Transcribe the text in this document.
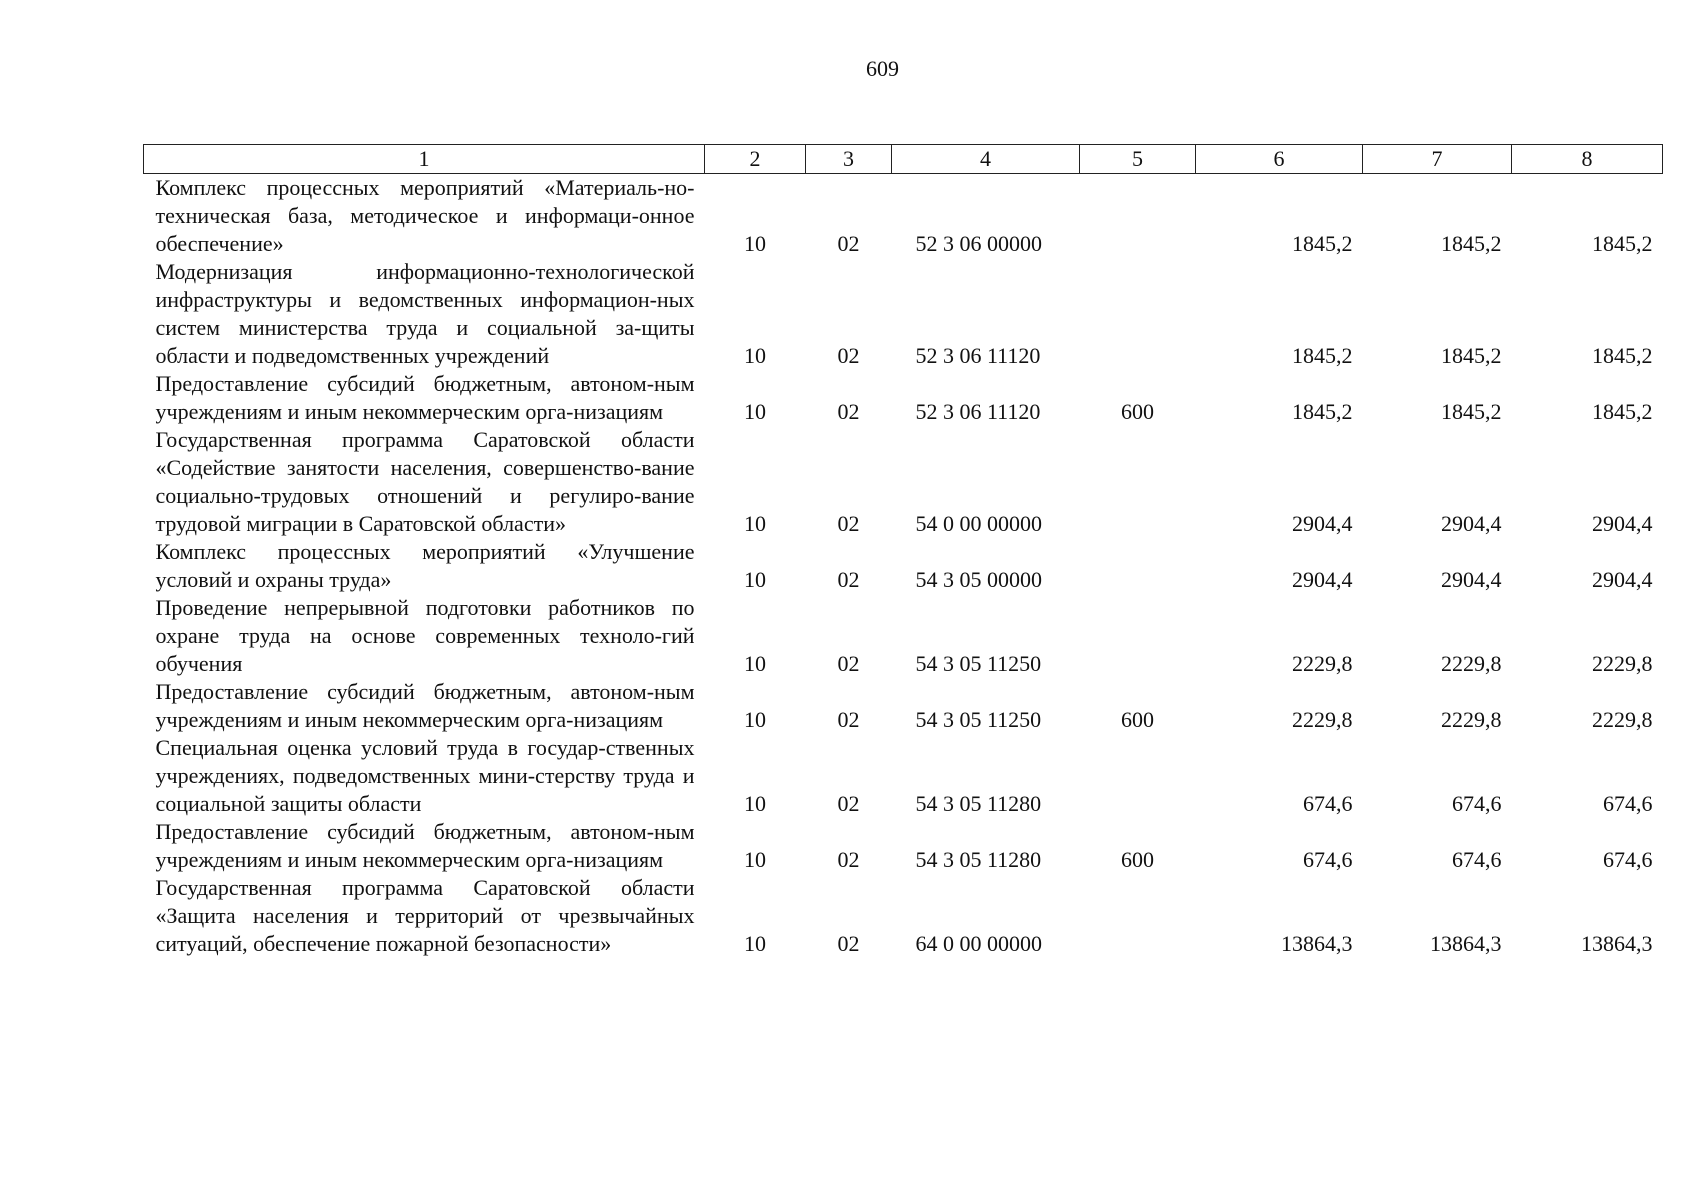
609
1	2	3	4	5	6	7	8
Комплекс процессных мероприятий «Материаль-но-техническая база, методическое и информаци-онное обеспечение»	10	02	52 3 06 00000		1845,2	1845,2	1845,2
Модернизация информационно-технологической инфраструктуры и ведомственных информацион-ных систем министерства труда и социальной за-щиты области и подведомственных учреждений	10	02	52 3 06 11120		1845,2	1845,2	1845,2
Предоставление субсидий бюджетным, автоном-ным учреждениям и иным некоммерческим орга-низациям	10	02	52 3 06 11120	600	1845,2	1845,2	1845,2
Государственная программа Саратовской области «Содействие занятости населения, совершенство-вание социально-трудовых отношений и регулиро-вание трудовой миграции в Саратовской области»	10	02	54 0 00 00000		2904,4	2904,4	2904,4
Комплекс процессных мероприятий «Улучшение условий и охраны труда»	10	02	54 3 05 00000		2904,4	2904,4	2904,4
Проведение непрерывной подготовки работников по охране труда на основе современных техноло-гий обучения	10	02	54 3 05 11250		2229,8	2229,8	2229,8
Предоставление субсидий бюджетным, автоном-ным учреждениям и иным некоммерческим орга-низациям	10	02	54 3 05 11250	600	2229,8	2229,8	2229,8
Специальная оценка условий труда в государ-ственных учреждениях, подведомственных мини-стерству труда и социальной защиты области	10	02	54 3 05 11280		674,6	674,6	674,6
Предоставление субсидий бюджетным, автоном-ным учреждениям и иным некоммерческим орга-низациям	10	02	54 3 05 11280	600	674,6	674,6	674,6
Государственная программа Саратовской области «Защита населения и территорий от чрезвычайных ситуаций, обеспечение пожарной безопасности»	10	02	64 0 00 00000		13864,3	13864,3	13864,3
